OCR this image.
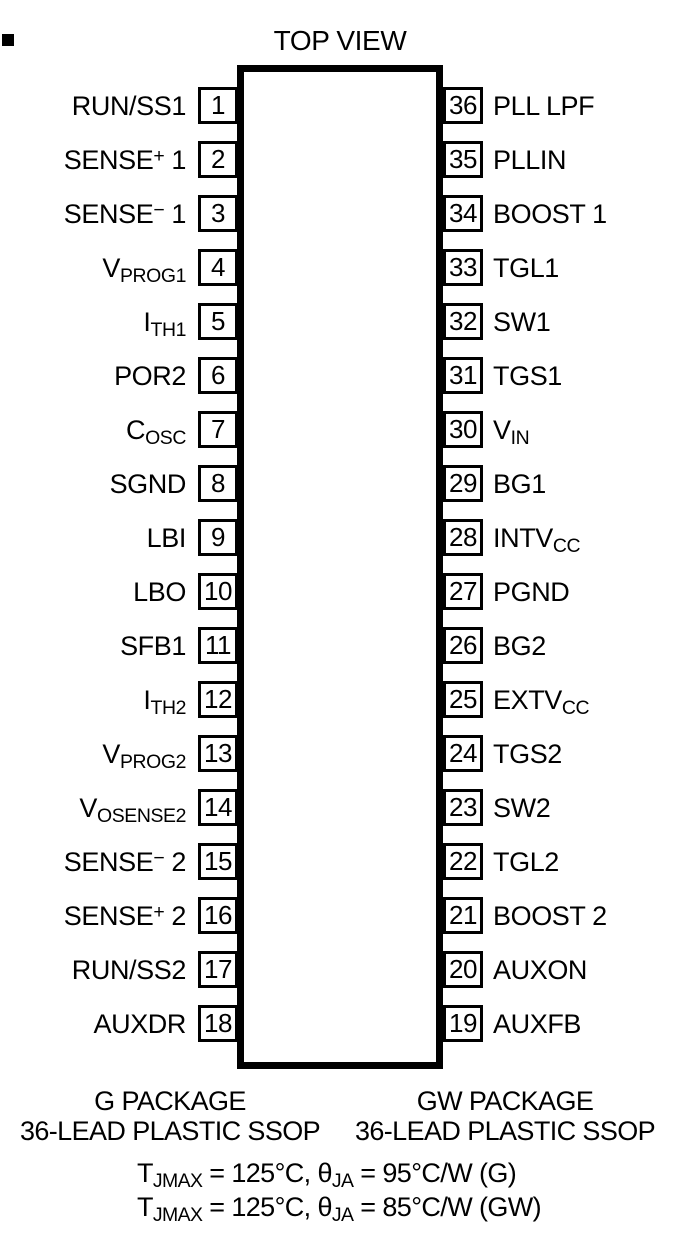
TOP VIEW
RUN/SS1 1
SENSE+ 1 2
SENSE− 1 3
VPROG1 4
ITH1 5
POR2 6
COSC 7
SGND 8
LBI 9
LBO 10
SFB1 11
ITH2 12
VPROG2 13
VOSENSE2 14
SENSE− 2 15
SENSE+ 2 16
RUN/SS2 17
AUXDR 18
PLL LPF
36
PLLIN
35
BOOST 1
34
TGL1
33
SW1
32
TGS1
31
VIN
30
BG1
29
INTVCC
28
PGND
27
BG2
26
EXTVCC
25
TGS2
24
SW2
23
TGL2
22
BOOST 2
21
AUXON
20
AUXFB
19
G PACKAGE
36-LEAD PLASTIC SSOP
GW PACKAGE
36-LEAD PLASTIC SSOP
TJMAX = 125°C, θJA = 95°C/W (G)
TJMAX = 125°C, θJA = 85°C/W (GW)
